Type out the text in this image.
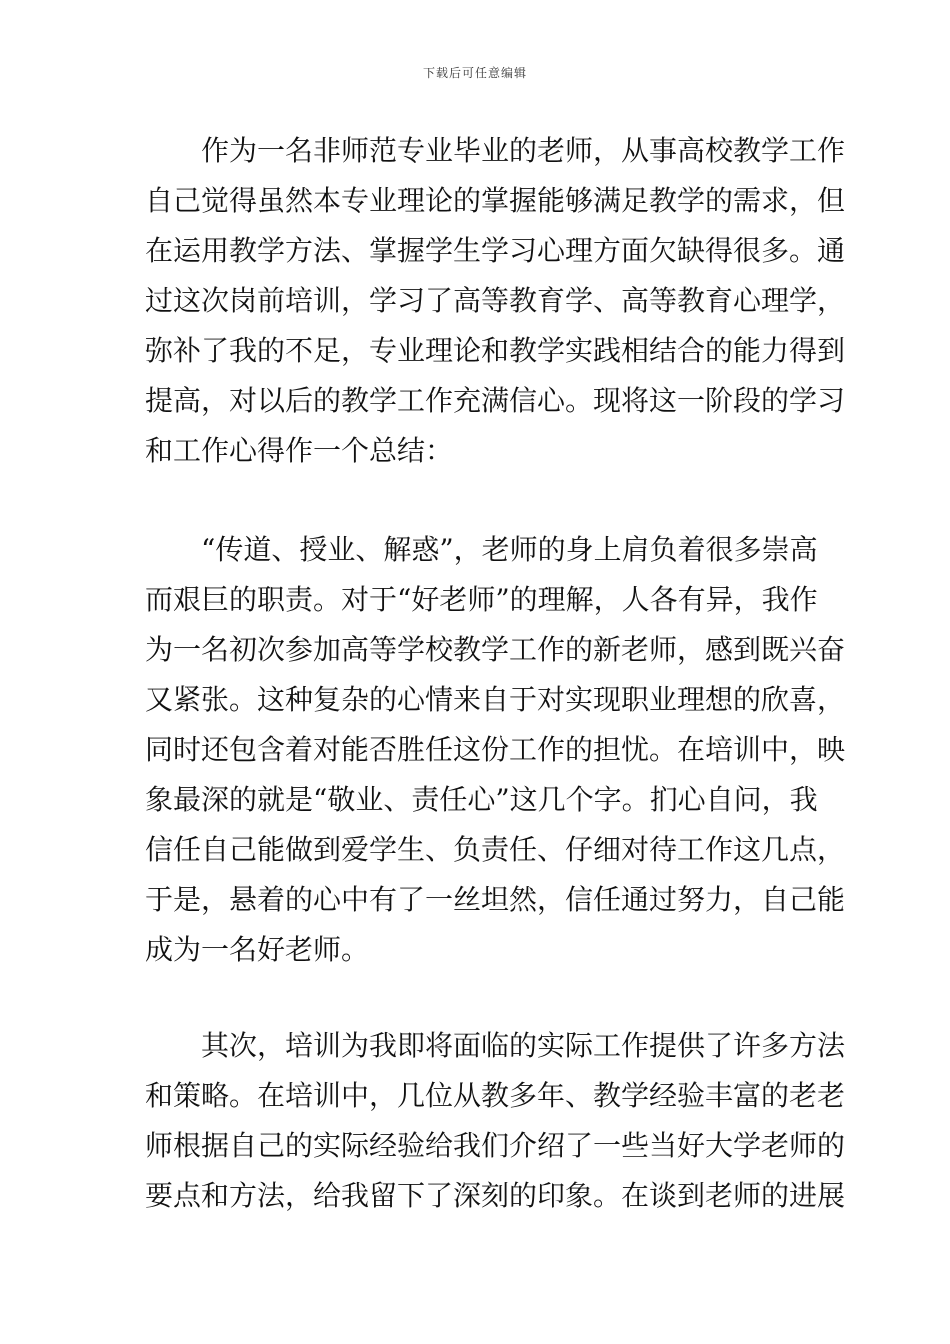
下载后可任意编辑
作为一名非师范专业毕业的老师，从事高校教学工作
自己觉得虽然本专业理论的掌握能够满足教学的需求，但
在运用教学方法、掌握学生学习心理方面欠缺得很多。通
过这次岗前培训，学习了高等教育学、高等教育心理学，
弥补了我的不足，专业理论和教学实践相结合的能力得到
提高，对以后的教学工作充满信心。现将这一阶段的学习
和工作心得作一个总结：
“传道、授业、解惑”，老师的身上肩负着很多崇高
而艰巨的职责。对于“好老师”的理解，人各有异，我作
为一名初次参加高等学校教学工作的新老师，感到既兴奋
又紧张。这种复杂的心情来自于对实现职业理想的欣喜，
同时还包含着对能否胜任这份工作的担忧。在培训中，映
象最深的就是“敬业、责任心”这几个字。扪心自问，我
信任自己能做到爱学生、负责任、仔细对待工作这几点，
于是，悬着的心中有了一丝坦然，信任通过努力，自己能
成为一名好老师。
其次，培训为我即将面临的实际工作提供了许多方法
和策略。在培训中，几位从教多年、教学经验丰富的老老
师根据自己的实际经验给我们介绍了一些当好大学老师的
要点和方法，给我留下了深刻的印象。在谈到老师的进展
